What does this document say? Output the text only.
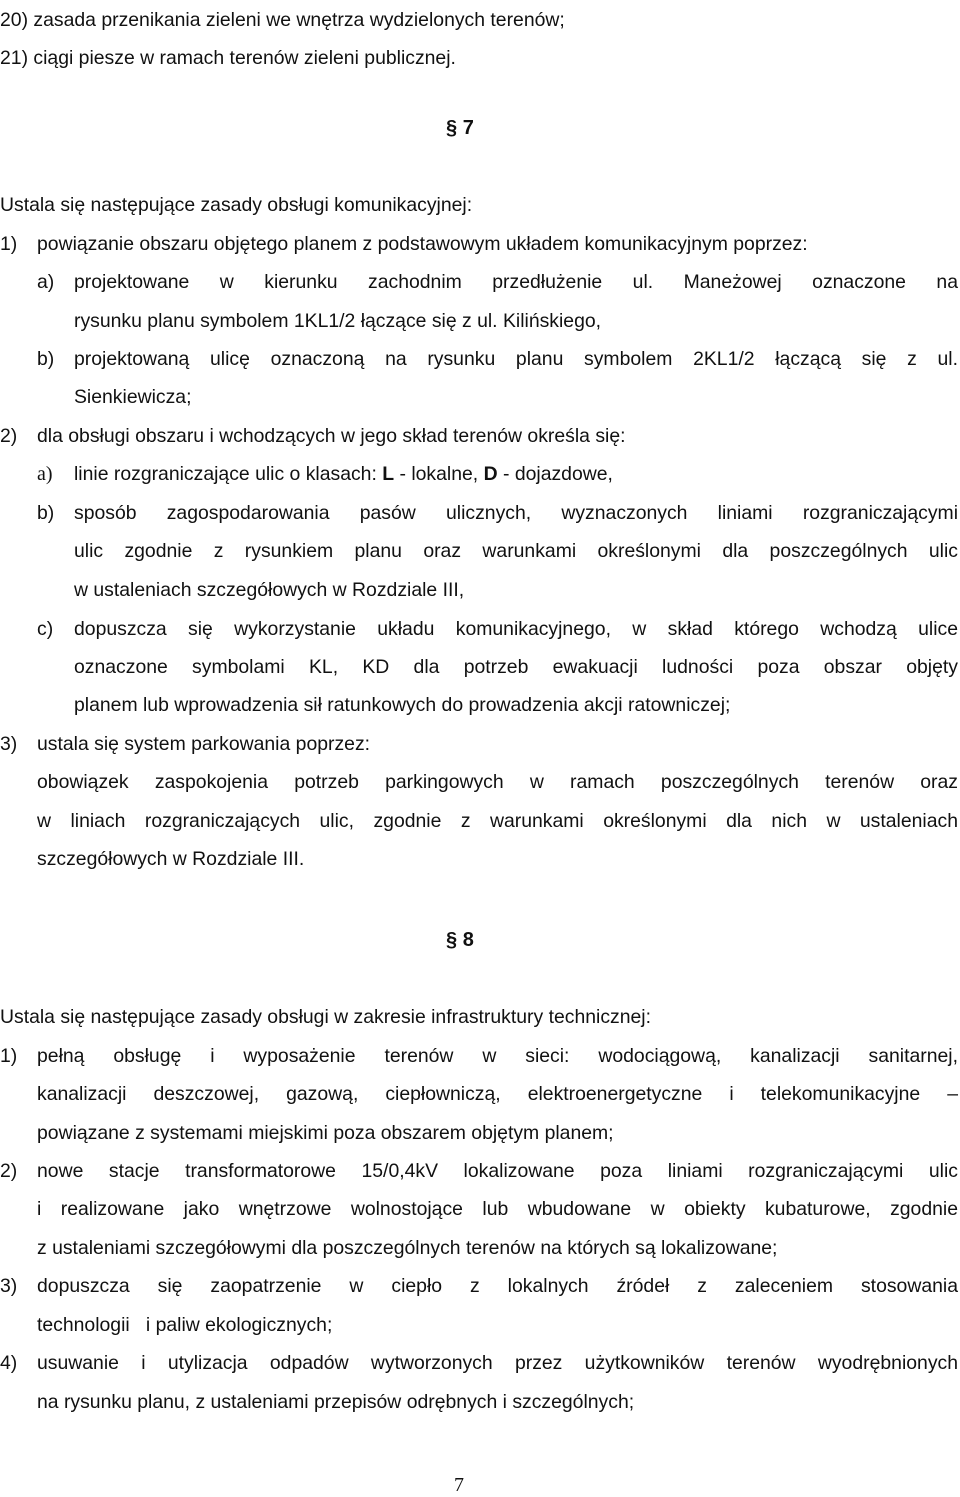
20) zasada przenikania zieleni we wnętrza wydzielonych terenów;
21) ciągi piesze w ramach terenów zieleni publicznej.
§ 7
Ustala się następujące zasady obsługi komunikacyjnej:
1) powiązanie obszaru objętego planem z podstawowym układem komunikacyjnym poprzez:
a) projektowane w kierunku zachodnim przedłużenie ul. Maneżowej oznaczone na
rysunku planu symbolem 1KL1/2 łączące się z ul. Kilińskiego,
b) projektowaną ulicę oznaczoną na rysunku planu symbolem 2KL1/2 łączącą się z ul.
Sienkiewicza;
2) dla obsługi obszaru i wchodzących w jego skład terenów określa się:
a) linie rozgraniczające ulic o klasach: L - lokalne, D - dojazdowe,
b) sposób zagospodarowania pasów ulicznych, wyznaczonych liniami rozgraniczającymi
ulic zgodnie z rysunkiem planu oraz warunkami określonymi dla poszczególnych ulic
w ustaleniach szczegółowych w Rozdziale III,
c) dopuszcza się wykorzystanie układu komunikacyjnego, w skład którego wchodzą ulice
oznaczone symbolami KL, KD dla potrzeb ewakuacji ludności poza obszar objęty
planem lub wprowadzenia sił ratunkowych do prowadzenia akcji ratowniczej;
3) ustala się system parkowania poprzez:
obowiązek zaspokojenia potrzeb parkingowych w ramach poszczególnych terenów oraz
w liniach rozgraniczających ulic, zgodnie z warunkami określonymi dla nich w ustaleniach
szczegółowych w Rozdziale III.
§ 8
Ustala się następujące zasady obsługi w zakresie infrastruktury technicznej:
1) pełną obsługę i wyposażenie terenów w sieci: wodociągową, kanalizacji sanitarnej,
kanalizacji deszczowej, gazową, ciepłowniczą, elektroenergetyczne i telekomunikacyjne –
powiązane z systemami miejskimi poza obszarem objętym planem;
2) nowe stacje transformatorowe 15/0,4kV lokalizowane poza liniami rozgraniczającymi ulic
i realizowane jako wnętrzowe wolnostojące lub wbudowane w obiekty kubaturowe, zgodnie
z ustaleniami szczegółowymi dla poszczególnych terenów na których są lokalizowane;
3) dopuszcza się zaopatrzenie w ciepło z lokalnych źródeł z zaleceniem stosowania
technologii   i paliw ekologicznych;
4) usuwanie i utylizacja odpadów wytworzonych przez użytkowników terenów wyodrębnionych
na rysunku planu, z ustaleniami przepisów odrębnych i szczególnych;
7
